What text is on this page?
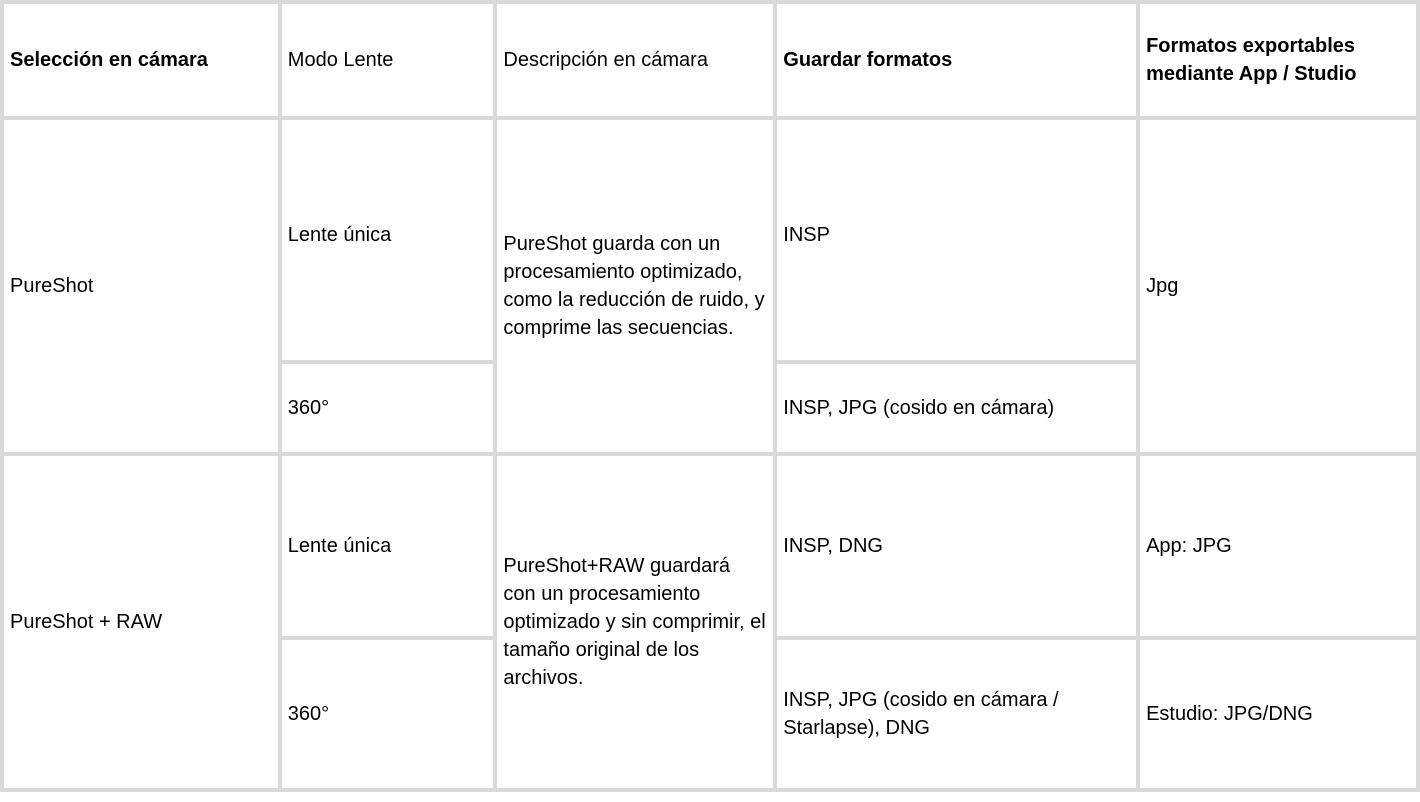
Selección en cámara	Modo Lente	Descripción en cámara	Guardar formatos	Formatos exportables mediante App / Studio
PureShot	Lente única	PureShot guarda con un procesamiento optimizado, como la reducción de ruido, y comprime las secuencias.	INSP	Jpg
	360°		INSP, JPG (cosido en cámara)	
PureShot + RAW	Lente única	PureShot+RAW guardará con un procesamiento optimizado y sin comprimir, el tamaño original de los archivos.	INSP, DNG	App: JPG
	360°		INSP, JPG (cosido en cámara / Starlapse), DNG	Estudio: JPG/DNG
